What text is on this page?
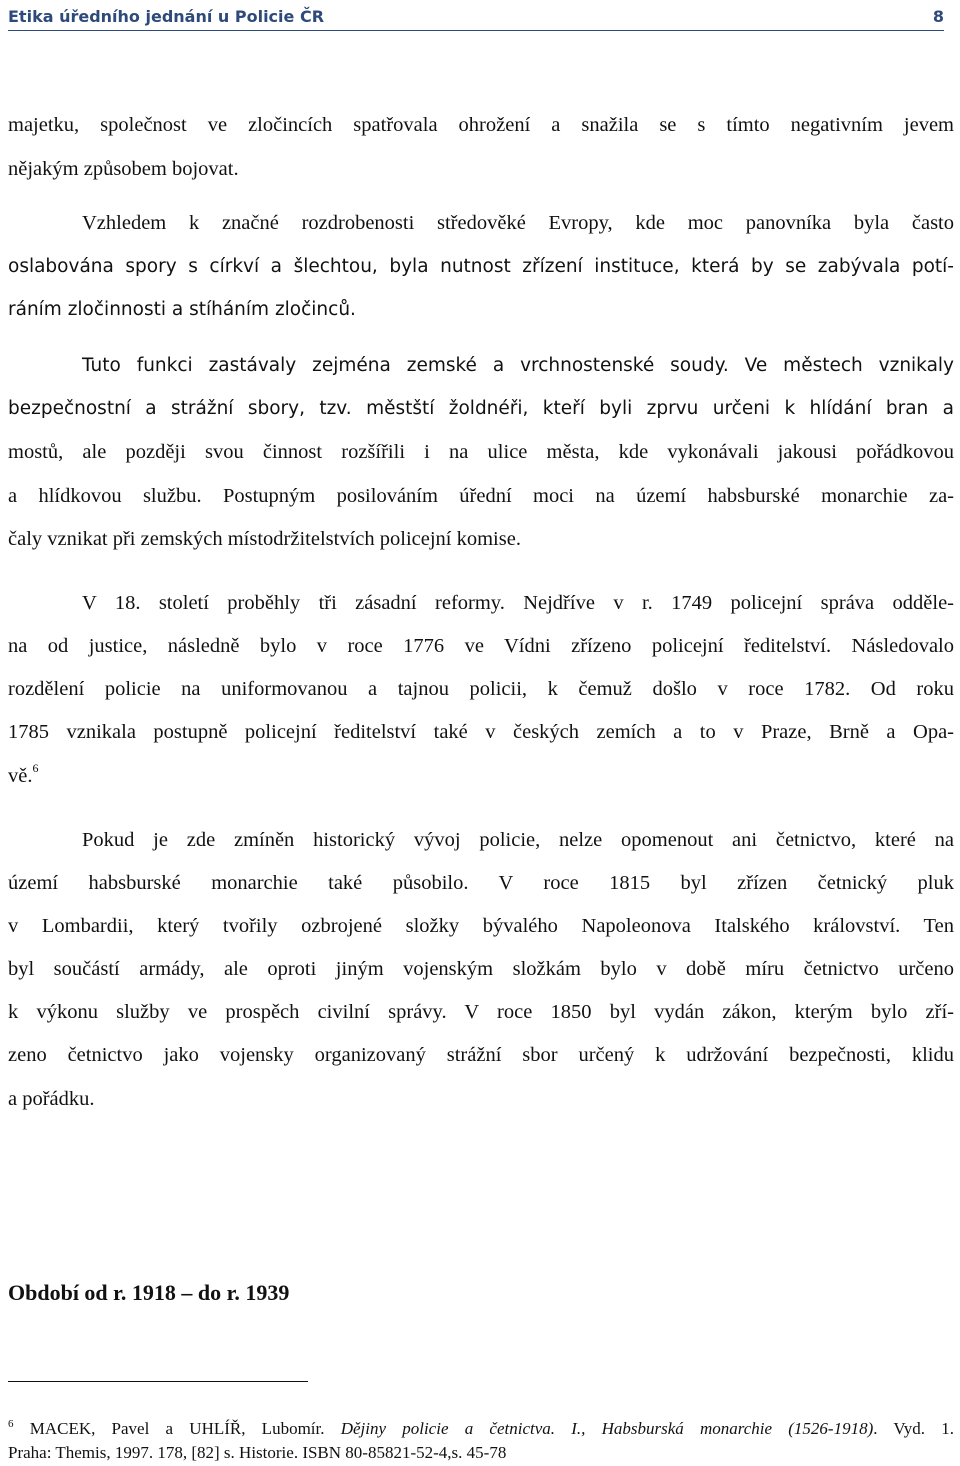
Etika úředního jednání u Policie ČR	8
majetku, společnost ve zločincích spatřovala ohrožení a snažila se s tímto negativním jevem
nějakým způsobem bojovat.
Vzhledem k značné rozdrobenosti středověké Evropy, kde moc panovníka byla často
oslabována spory s církví a šlechtou, byla nutnost zřízení instituce, která by se zabývala potí-
ráním zločinnosti a stíháním zločinců.
Tuto funkci zastávaly zejména zemské a vrchnostenské soudy. Ve městech vznikaly
bezpečnostní a strážní sbory, tzv. městští žoldnéři, kteří byli zprvu určeni k hlídání bran a
mostů, ale později svou činnost rozšířili i na ulice města, kde vykonávali jakousi pořádkovou
a hlídkovou službu. Postupným posilováním úřední moci na území habsburské monarchie za-
čaly vznikat při zemských místodržitelstvích policejní komise.
V 18. století proběhly tři zásadní reformy. Nejdříve v r. 1749 policejní správa odděle-
na od justice, následně bylo v roce 1776 ve Vídni zřízeno policejní ředitelství. Následovalo
rozdělení policie na uniformovanou a tajnou policii, k čemuž došlo v roce 1782. Od roku
1785 vznikala postupně policejní ředitelství také v českých zemích a to v Praze, Brně a Opa-
vě.$^6$
Pokud je zde zmíněn historický vývoj policie, nelze opomenout ani četnictvo, které na
území habsburské monarchie také působilo. V roce 1815 byl zřízen četnický pluk
v Lombardii, který tvořily ozbrojené složky bývalého Napoleonova Italského království. Ten
byl součástí armády, ale oproti jiným vojenským složkám bylo v době míru četnictvo určeno
k výkonu služby ve prospěch civilní správy. V roce 1850 byl vydán zákon, kterým bylo zří-
zeno četnictvo jako vojensky organizovaný strážní sbor určený k udržování bezpečnosti, klidu
a pořádku.
Období od r. 1918 – do r. 1939
$^6$ MACEK, Pavel a UHLÍŘ, Lubomír. Dějiny policie a četnictva. I., Habsburská monarchie (1526-1918). Vyd. 1.
Praha: Themis, 1997. 178, [82] s. Historie. ISBN 80-85821-52-4,s. 45-78
